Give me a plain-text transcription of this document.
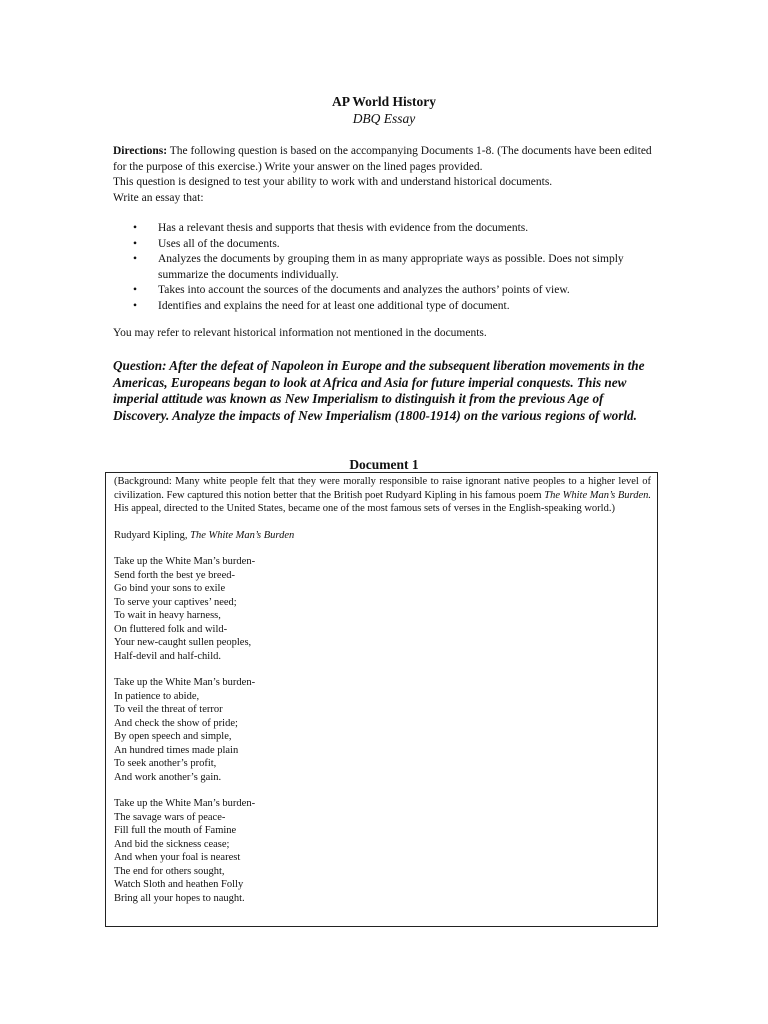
AP World History
DBQ Essay
Directions: The following question is based on the accompanying Documents 1-8. (The documents have been edited for the purpose of this exercise.) Write your answer on the lined pages provided.
This question is designed to test your ability to work with and understand historical documents.
Write an essay that:
• Has a relevant thesis and supports that thesis with evidence from the documents.
• Uses all of the documents.
• Analyzes the documents by grouping them in as many appropriate ways as possible. Does not simply summarize the documents individually.
• Takes into account the sources of the documents and analyzes the authors’ points of view.
• Identifies and explains the need for at least one additional type of document.
You may refer to relevant historical information not mentioned in the documents.
Question: After the defeat of Napoleon in Europe and the subsequent liberation movements in the Americas, Europeans began to look at Africa and Asia for future imperial conquests. This new imperial attitude was known as New Imperialism to distinguish it from the previous Age of Discovery. Analyze the impacts of New Imperialism (1800-1914) on the various regions of world.
Document 1

(Background: Many white people felt that they were morally responsible to raise ignorant native peoples to a higher level of civilization. Few captured this notion better that the British poet Rudyard Kipling in his famous poem The White Man’s Burden. His appeal, directed to the United States, became one of the most famous sets of verses in the English-speaking world.)

Rudyard Kipling, The White Man’s Burden

Take up the White Man’s burden-
Send forth the best ye breed-
Go bind your sons to exile
To serve your captives’ need;
To wait in heavy harness,
On fluttered folk and wild-
Your new-caught sullen peoples,
Half-devil and half-child.
Take up the White Man’s burden-
In patience to abide,
To veil the threat of terror
And check the show of pride;
By open speech and simple,
An hundred times made plain
To seek another’s profit,
And work another’s gain.
Take up the White Man’s burden-
The savage wars of peace-
Fill full the mouth of Famine
And bid the sickness cease;
And when your foal is nearest
The end for others sought,
Watch Sloth and heathen Folly
Bring all your hopes to naught.
